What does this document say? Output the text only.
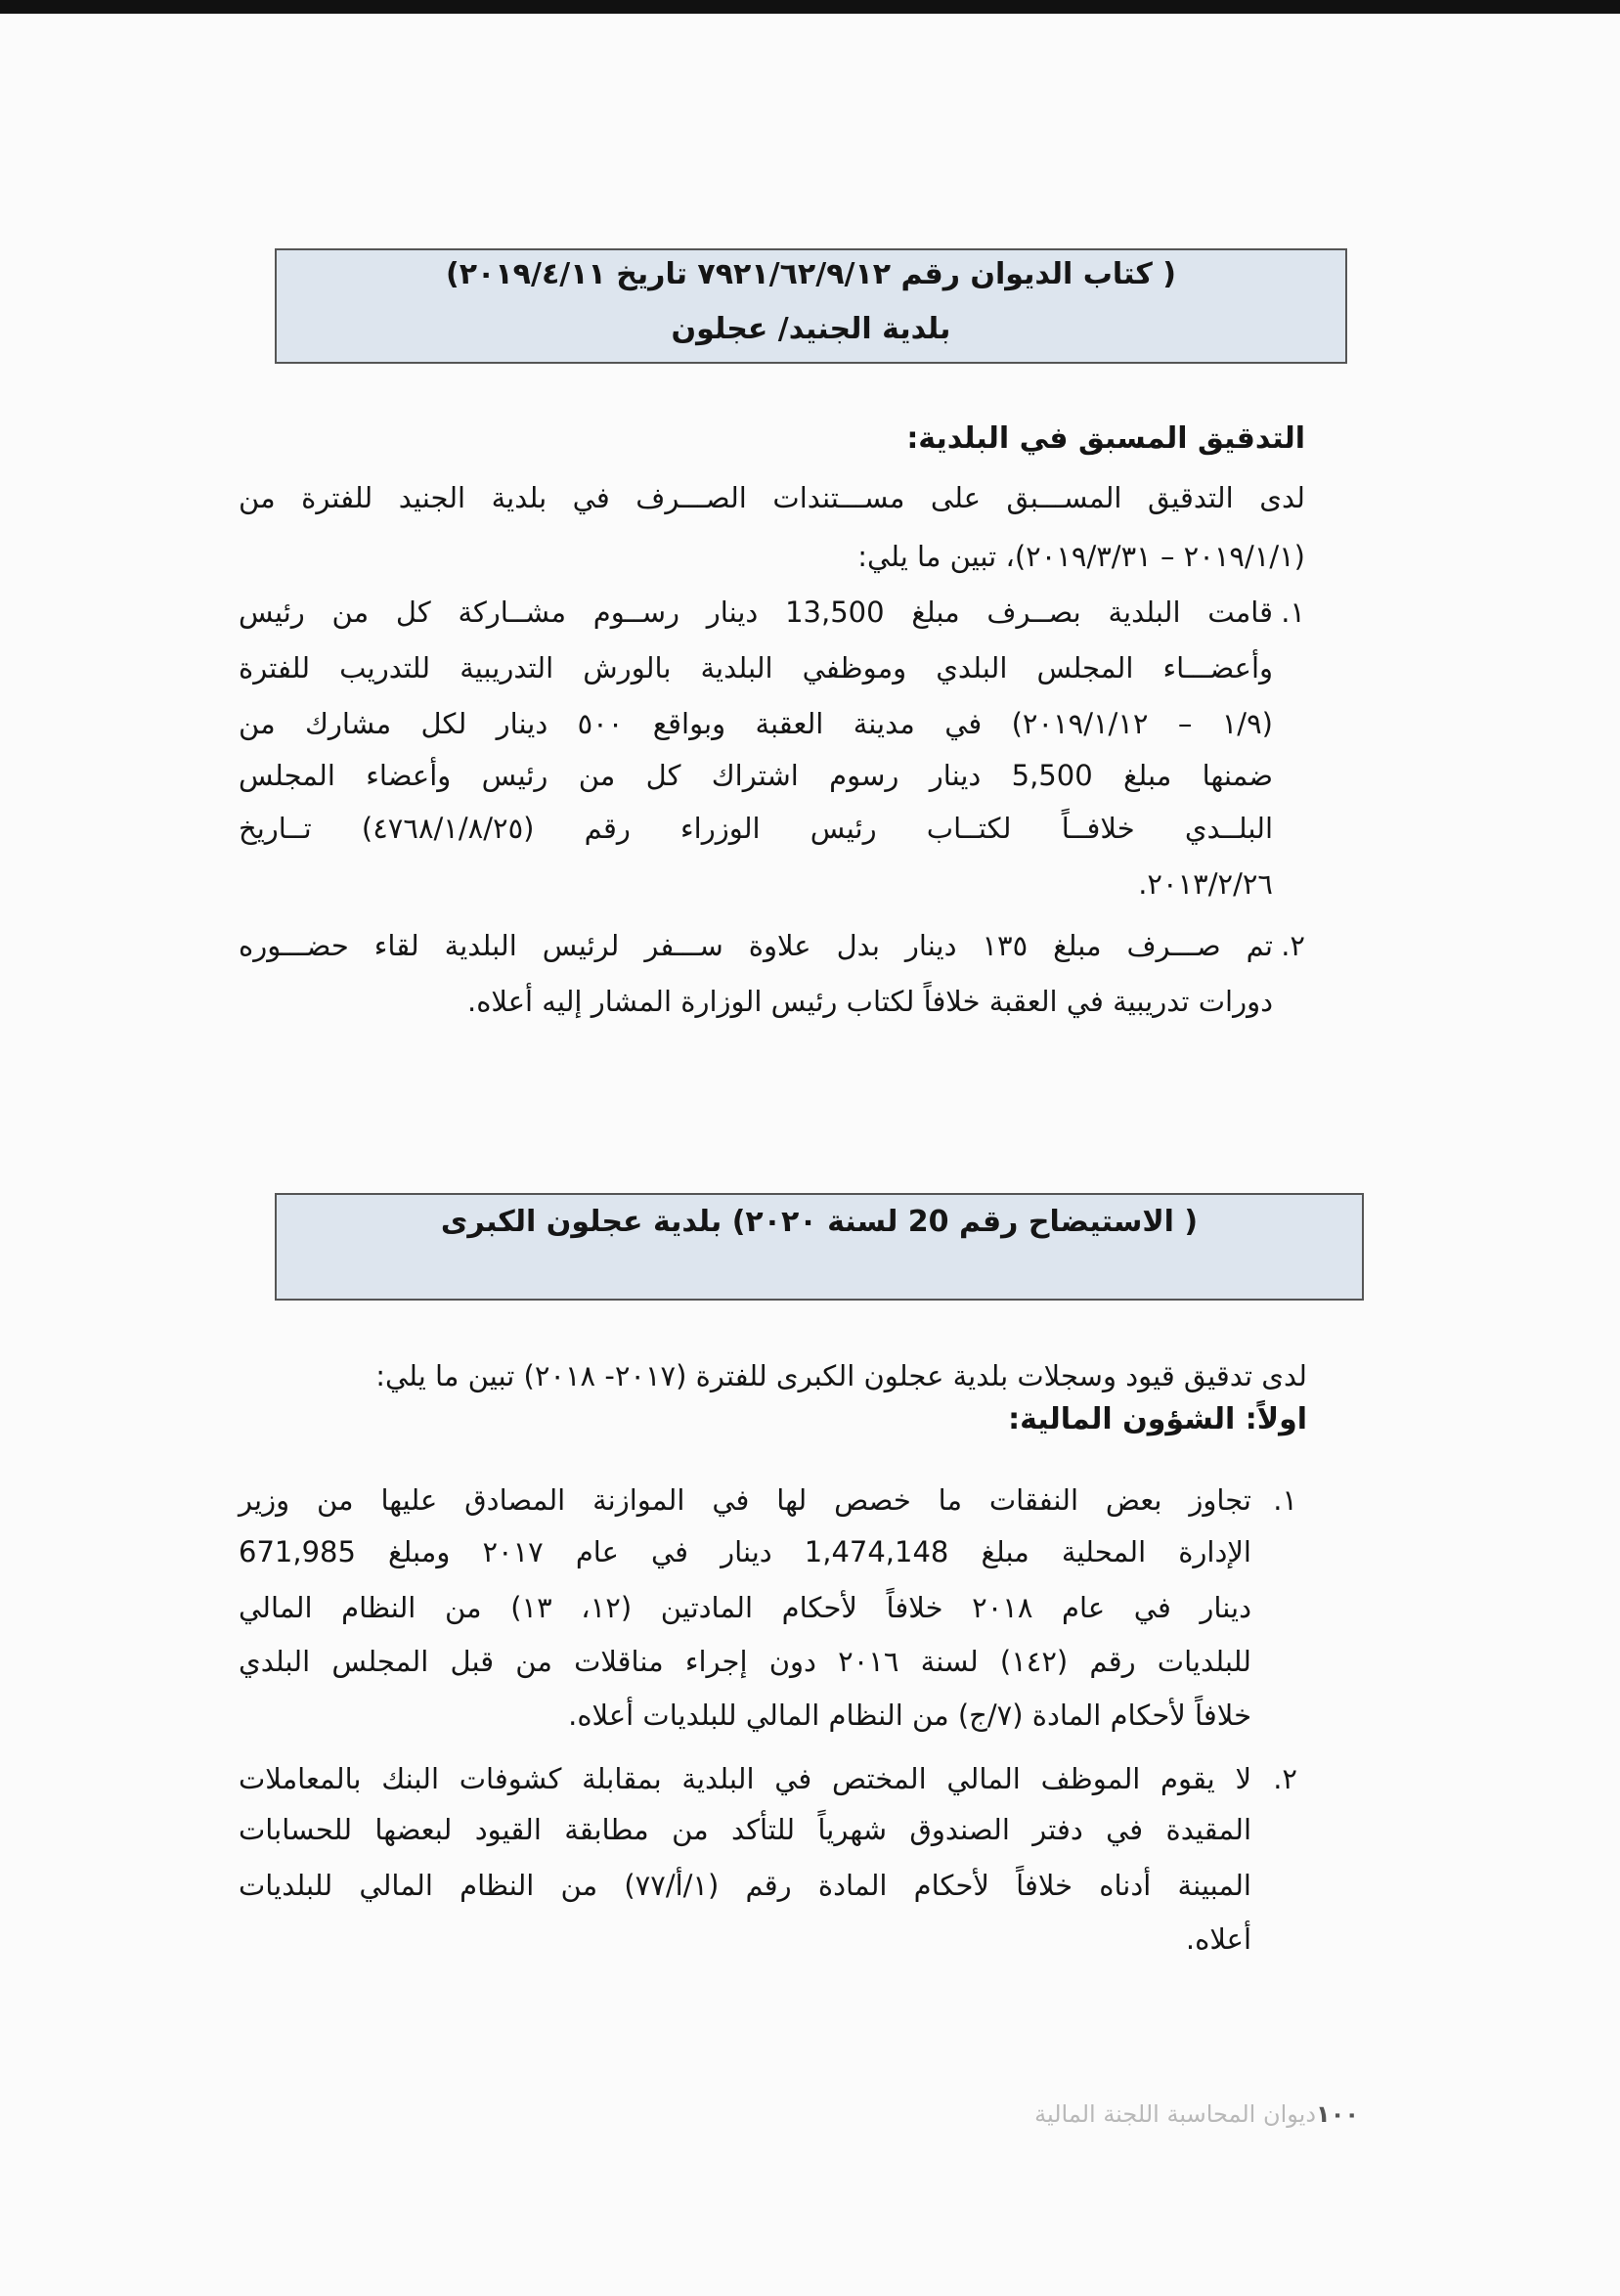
( كتاب الديوان رقم ٧٩٢١/٦٢/٩/١٢ تاريخ ٢٠١٩/٤/١١)
بلدية الجنيد/ عجلون
التدقيق المسبق في البلدية:
لدى التدقيق المســـبق على مســـتندات الصـــرف في بلدية الجنيد للفترة من
(٢٠١٩/١/١ – ٢٠١٩/٣/٣١)، تبين ما يلي:
١.
قامت البلدية بصــرف مبلغ 13,500 دينار رســوم مشــاركة كل من رئيس
وأعضـــاء المجلس البلدي وموظفي البلدية بالورش التدريبية للتدريب للفترة
(١/٩ – ٢٠١٩/١/١٢) في مدينة العقبة وبواقع ٥٠٠ دينار لكل مشارك من
ضمنها مبلغ 5,500 دينار رسوم اشتراك كل من رئيس وأعضاء المجلس
البلــدي خلافــاً لكتــاب رئيس الوزراء رقم (٤٧٦٨/١/٨/٢٥) تــاريخ
٢٠١٣/٢/٢٦.
٢.
تم صـــرف مبلغ ١٣٥ دينار بدل علاوة ســـفر لرئيس البلدية لقاء حضـــوره
دورات تدريبية في العقبة خلافاً لكتاب رئيس الوزارة المشار إليه أعلاه.
( الاستيضاح رقم 20 لسنة ٢٠٢٠) بلدية عجلون الكبرى
لدى تدقيق قيود وسجلات بلدية عجلون الكبرى للفترة (٢٠١٧- ٢٠١٨) تبين ما يلي:
اولاً: الشؤون المالية:
١.
تجاوز بعض النفقات ما خصص لها في الموازنة المصادق عليها من وزير
الإدارة المحلية مبلغ 1,474,148 دينار في عام ٢٠١٧ ومبلغ 671,985
دينار في عام ٢٠١٨ خلافاً لأحكام المادتين (١٢، ١٣) من النظام المالي
للبلديات رقم (١٤٢) لسنة ٢٠١٦ دون إجراء مناقلات من قبل المجلس البلدي
خلافاً لأحكام المادة (٧/ج) من النظام المالي للبلديات أعلاه.
٢.
لا يقوم الموظف المالي المختص في البلدية بمقابلة كشوفات البنك بالمعاملات
المقيدة في دفتر الصندوق شهرياً للتأكد من مطابقة القيود لبعضها للحسابات
المبينة أدناه خلافاً لأحكام المادة رقم (١/أ/٧٧) من النظام المالي للبلديات
أعلاه.
١٠٠ديوان المحاسبة اللجنة المالية
